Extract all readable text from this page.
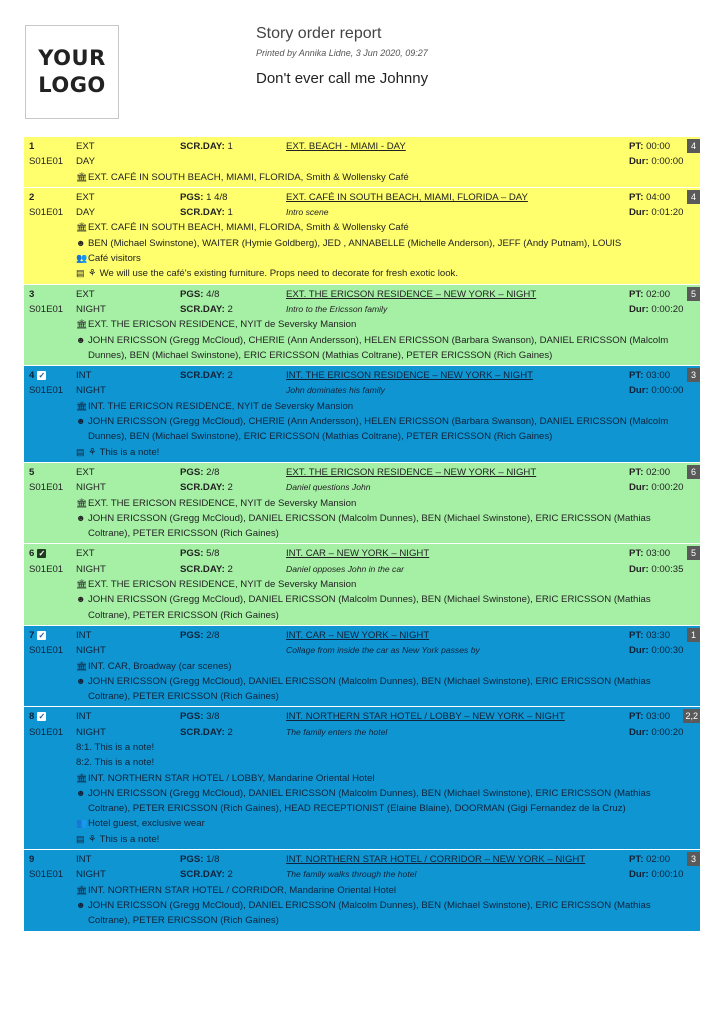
YOUR
LOGO
Story order report
Printed by Annika Lidne, 3 Jun 2020, 09:27
Don't ever call me Johnny
1	EXT	SCR.DAY: 1	EXT. BEACH - MIAMI - DAY	PT: 00:00	4
S01E01 DAY	Dur: 0:00:00
🏛EXT. CAFÉ IN SOUTH BEACH, MIAMI, FLORIDA, Smith & Wollensky Café
2	EXT	PGS: 1 4/8	EXT. CAFÉ IN SOUTH BEACH, MIAMI, FLORIDA – DAY	PT: 04:00	4
S01E01 DAY	SCR.DAY: 1	Intro scene	Dur: 0:01:20
🏛EXT. CAFÉ IN SOUTH BEACH, MIAMI, FLORIDA, Smith & Wollensky Café
☻ BEN (Michael Swinstone), WAITER (Hymie Goldberg), JED , ANNABELLE (Michelle Anderson), JEFF (Andy Putnam), LOUIS
👥Café visitors
▤ ⚘ We will use the café's existing furniture. Props need to decorate for fresh exotic look.
3	EXT	PGS: 4/8	EXT. THE ERICSON RESIDENCE – NEW YORK – NIGHT	PT: 02:00	5
S01E01 NIGHT	SCR.DAY: 2	Intro to the Ericsson family	Dur: 0:00:20
🏛EXT. THE ERICSON RESIDENCE, NYIT de Seversky Mansion
☻ JOHN ERICSSON (Gregg McCloud), CHERIE (Ann Andersson), HELEN ERICSSON (Barbara Swanson), DANIEL ERICSSON (Malcolm Dunnes), BEN (Michael Swinstone), ERIC ERICSSON (Mathias Coltrane), PETER ERICSSON (Rich Gaines)
4 ✓	INT	SCR.DAY: 2	INT. THE ERICSON RESIDENCE – NEW YORK – NIGHT	PT: 03:00	3
S01E01 NIGHT	John dominates his family	Dur: 0:00:00
🏛INT. THE ERICSON RESIDENCE, NYIT de Seversky Mansion
☻ JOHN ERICSSON (Gregg McCloud), CHERIE (Ann Andersson), HELEN ERICSSON (Barbara Swanson), DANIEL ERICSSON (Malcolm Dunnes), BEN (Michael Swinstone), ERIC ERICSSON (Mathias Coltrane), PETER ERICSSON (Rich Gaines)
▤ ⚘ This is a note!
5	EXT	PGS: 2/8	EXT. THE ERICSON RESIDENCE – NEW YORK – NIGHT	PT: 02:00	6
S01E01 NIGHT	SCR.DAY: 2	Daniel questions John	Dur: 0:00:20
🏛EXT. THE ERICSON RESIDENCE, NYIT de Seversky Mansion
☻ JOHN ERICSSON (Gregg McCloud), DANIEL ERICSSON (Malcolm Dunnes), BEN (Michael Swinstone), ERIC ERICSSON (Mathias Coltrane), PETER ERICSSON (Rich Gaines)
6 ✓	EXT	PGS: 5/8	INT. CAR – NEW YORK – NIGHT	PT: 03:00	5
S01E01 NIGHT	SCR.DAY: 2	Daniel opposes John in the car	Dur: 0:00:35
🏛EXT. THE ERICSON RESIDENCE, NYIT de Seversky Mansion
☻ JOHN ERICSSON (Gregg McCloud), DANIEL ERICSSON (Malcolm Dunnes), BEN (Michael Swinstone), ERIC ERICSSON (Mathias Coltrane), PETER ERICSSON (Rich Gaines)
7 ✓	INT	PGS: 2/8	INT. CAR – NEW YORK – NIGHT	PT: 03:30	1
S01E01 NIGHT	Collage from inside the car as New York passes by	Dur: 0:00:30
🏛INT. CAR, Broadway (car scenes)
☻ JOHN ERICSSON (Gregg McCloud), DANIEL ERICSSON (Malcolm Dunnes), BEN (Michael Swinstone), ERIC ERICSSON (Mathias Coltrane), PETER ERICSSON (Rich Gaines)
8 ✓	INT	PGS: 3/8	INT. NORTHERN STAR HOTEL / LOBBY – NEW YORK – NIGHT	PT: 03:00 2,2
S01E01 NIGHT	SCR.DAY: 2	The family enters the hotel	Dur: 0:00:20
8:1. This is a note!
8:2. This is a note!
🏛INT. NORTHERN STAR HOTEL / LOBBY, Mandarine Oriental Hotel
☻ JOHN ERICSSON (Gregg McCloud), DANIEL ERICSSON (Malcolm Dunnes), BEN (Michael Swinstone), ERIC ERICSSON (Mathias Coltrane), PETER ERICSSON (Rich Gaines), HEAD RECEPTIONIST (Elaine Blaine), DOORMAN (Gigi Fernandez de la Cruz)
👥Hotel guest, exclusive wear
▤ ⚘ This is a note!
9	INT	PGS: 1/8	INT. NORTHERN STAR HOTEL / CORRIDOR – NEW YORK – NIGHT	PT: 02:00	3
S01E01 NIGHT	SCR.DAY: 2	The family walks through the hotel	Dur: 0:00:10
🏛INT. NORTHERN STAR HOTEL / CORRIDOR, Mandarine Oriental Hotel
☻ JOHN ERICSSON (Gregg McCloud), DANIEL ERICSSON (Malcolm Dunnes), BEN (Michael Swinstone), ERIC ERICSSON (Mathias Coltrane), PETER ERICSSON (Rich Gaines)
